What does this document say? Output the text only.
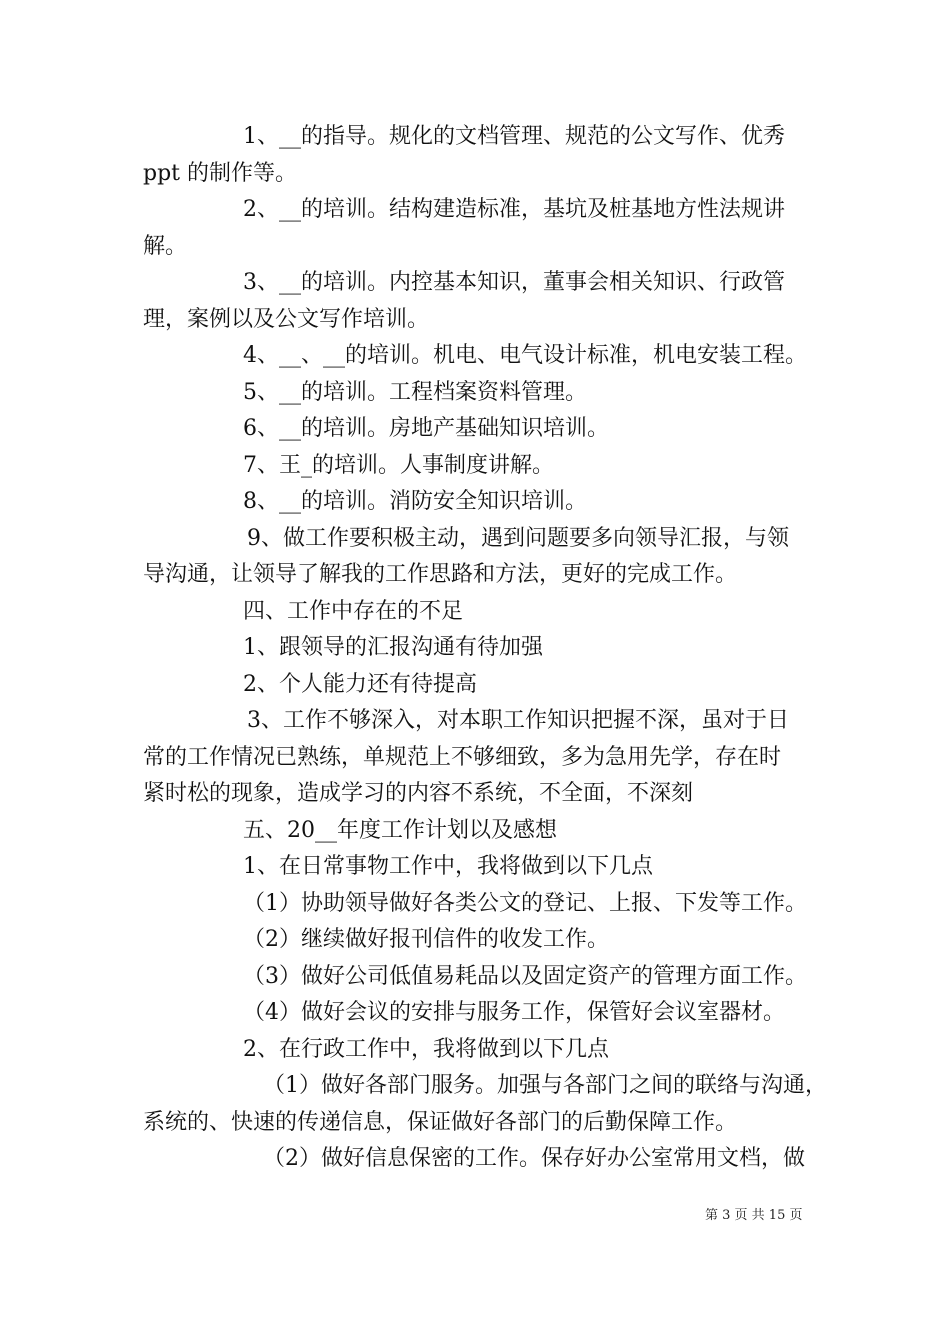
1、__的指导。规化的文档管理、规范的公文写作、优秀
ppt 的制作等。
2、__的培训。结构建造标准，基坑及桩基地方性法规讲
解。
3、__的培训。内控基本知识，董事会相关知识、行政管
理，案例以及公文写作培训。
4、__、__的培训。机电、电气设计标准，机电安装工程。
5、__的培训。工程档案资料管理。
6、__的培训。房地产基础知识培训。
7、王_的培训。人事制度讲解。
8、__的培训。消防安全知识培训。
9、做工作要积极主动，遇到问题要多向领导汇报，与领
导沟通，让领导了解我的工作思路和方法，更好的完成工作。
四、工作中存在的不足
1、跟领导的汇报沟通有待加强
2、个人能力还有待提高
3、工作不够深入，对本职工作知识把握不深，虽对于日
常的工作情况已熟练，单规范上不够细致，多为急用先学，存在时
紧时松的现象，造成学习的内容不系统，不全面，不深刻
五、20__年度工作计划以及感想
1、在日常事物工作中，我将做到以下几点
（1）协助领导做好各类公文的登记、上报、下发等工作。
（2）继续做好报刊信件的收发工作。
（3）做好公司低值易耗品以及固定资产的管理方面工作。
（4）做好会议的安排与服务工作，保管好会议室器材。
2、在行政工作中，我将做到以下几点
（1）做好各部门服务。加强与各部门之间的联络与沟通，
系统的、快速的传递信息，保证做好各部门的后勤保障工作。
（2）做好信息保密的工作。保存好办公室常用文档，做
第 3 页 共 15 页
